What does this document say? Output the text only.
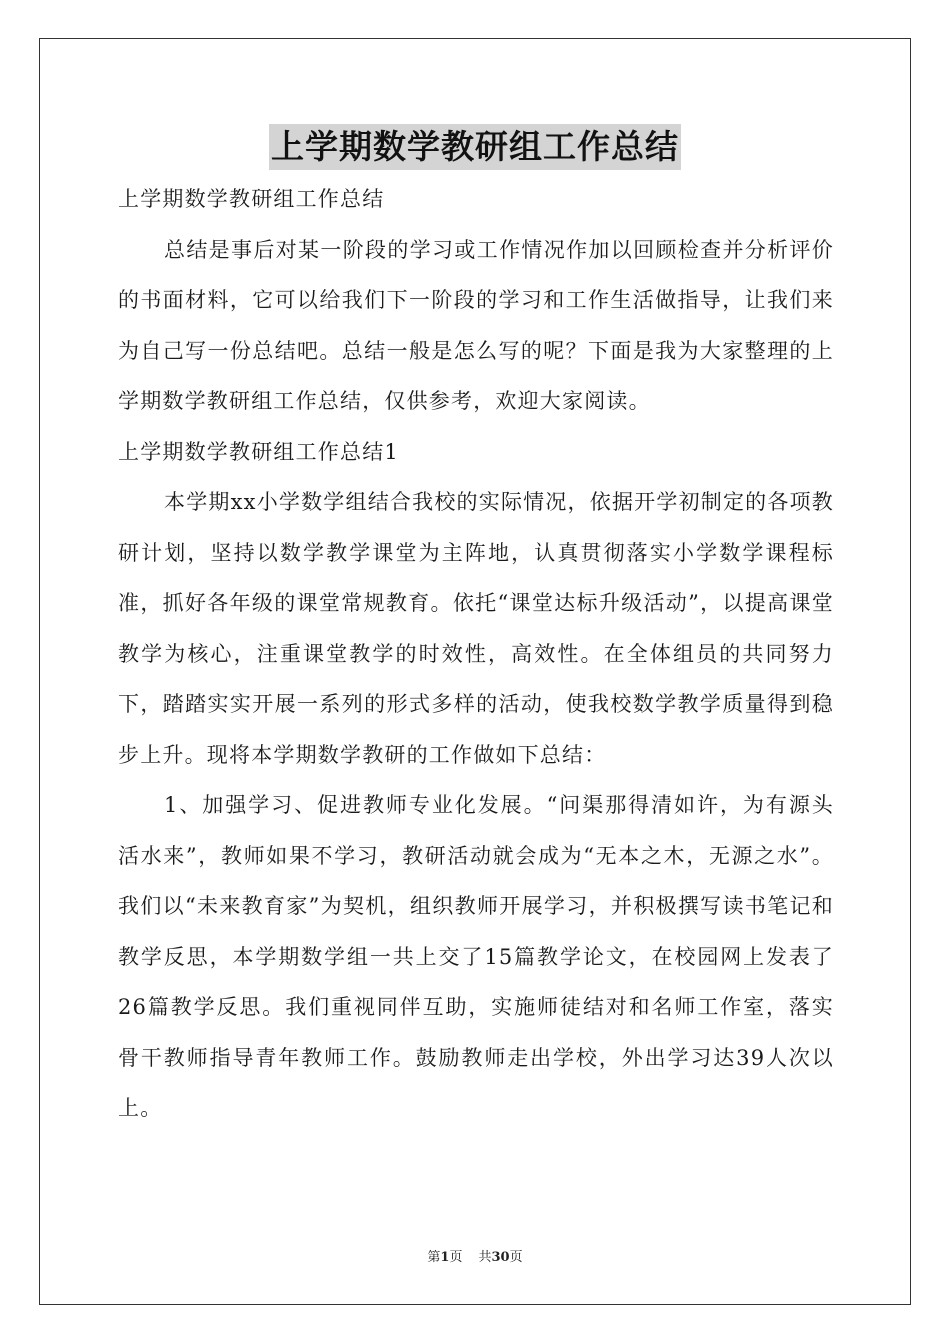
上学期数学教研组工作总结

上学期数学教研组工作总结

总结是事后对某一阶段的学习或工作情况作加以回顾检查并分析评价的书面材料，它可以给我们下一阶段的学习和工作生活做指导，让我们来为自己写一份总结吧。总结一般是怎么写的呢？下面是我为大家整理的上学期数学教研组工作总结，仅供参考，欢迎大家阅读。

上学期数学教研组工作总结1

本学期xx小学数学组结合我校的实际情况，依据开学初制定的各项教研计划，坚持以数学教学课堂为主阵地，认真贯彻落实小学数学课程标准，抓好各年级的课堂常规教育。依托“课堂达标升级活动”，以提高课堂教学为核心，注重课堂教学的时效性，高效性。在全体组员的共同努力下，踏踏实实开展一系列的形式多样的活动，使我校数学教学质量得到稳步上升。现将本学期数学教研的工作做如下总结：

1、加强学习、促进教师专业化发展。“问渠那得清如许，为有源头活水来”，教师如果不学习，教研活动就会成为“无本之木，无源之水”。我们以“未来教育家”为契机，组织教师开展学习，并积极撰写读书笔记和教学反思，本学期数学组一共上交了15篇教学论文，在校园网上发表了26篇教学反思。我们重视同伴互助，实施师徒结对和名师工作室，落实骨干教师指导青年教师工作。鼓励教师走出学校，外出学习达39人次以上。

第1页 共30页
